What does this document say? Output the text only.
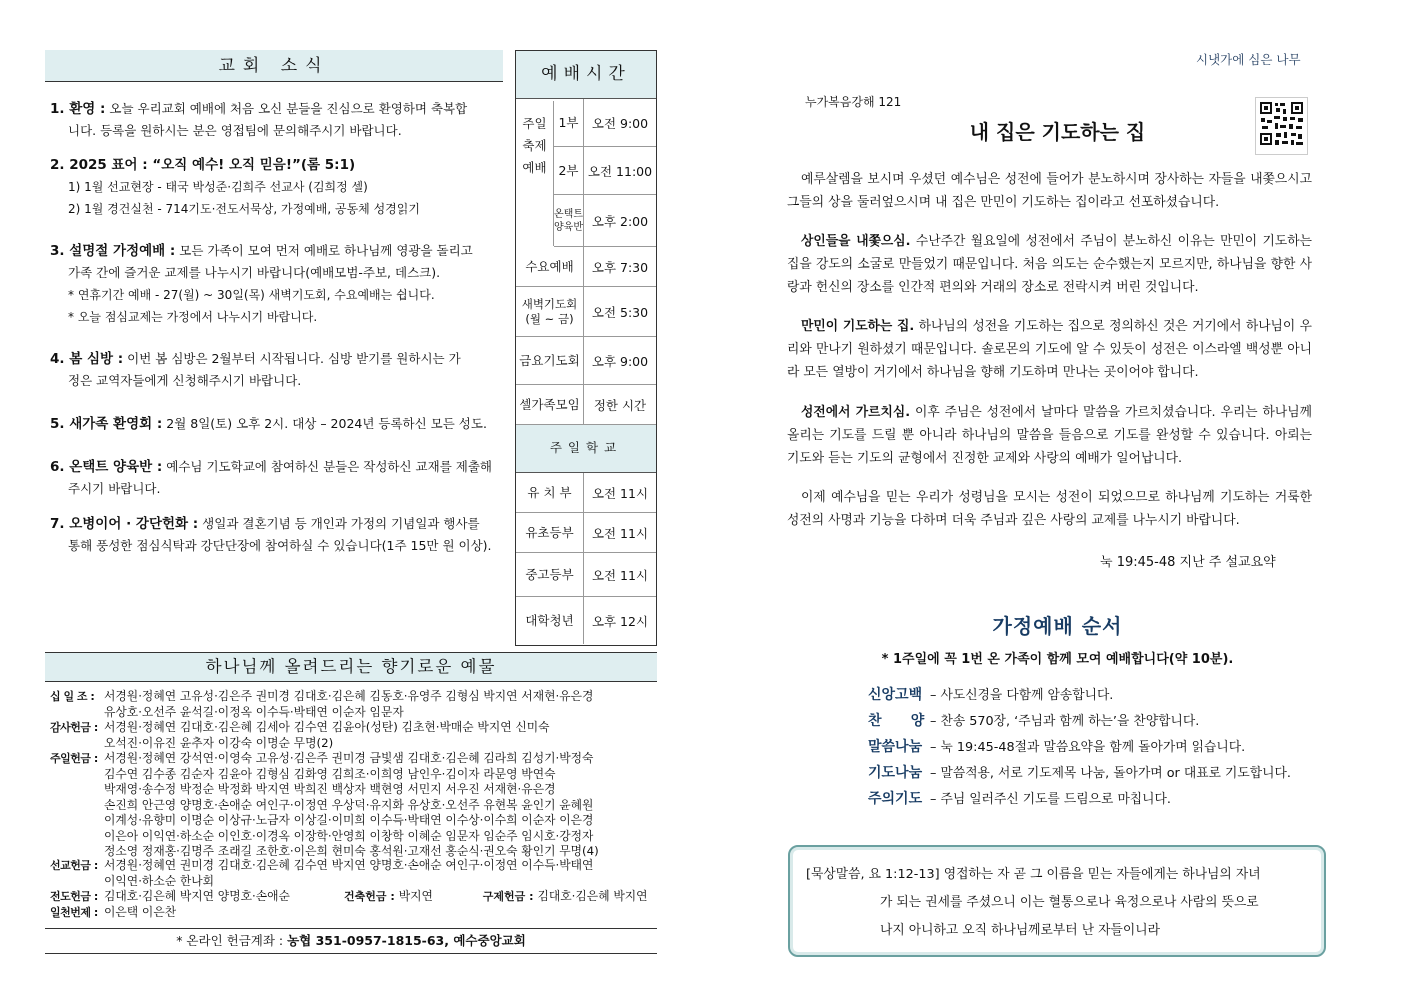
교회 소식
1. 환영 : 오늘 우리교회 예배에 처음 오신 분들을 진심으로 환영하며 축복합
니다. 등록을 원하시는 분은 영접팀에 문의해주시기 바랍니다.
2. 2025 표어 : “오직 예수! 오직 믿음!”(롬 5:1)
1) 1월 선교현장 - 태국 박성준·김희주 선교사 (김희정 셀)
2) 1월 경건실천 - 714기도·전도서묵상, 가정예배, 공동체 성경읽기
3. 설명절 가정예배 : 모든 가족이 모여 먼저 예배로 하나님께 영광을 돌리고
가족 간에 즐거운 교제를 나누시기 바랍니다(예배모범-주보, 데스크).
* 연휴기간 예배 - 27(월) ~ 30일(목) 새벽기도회, 수요예배는 쉽니다.
* 오늘 점심교제는 가정에서 나누시기 바랍니다.
4. 봄 심방 : 이번 봄 심방은 2월부터 시작됩니다. 심방 받기를 원하시는 가
정은 교역자들에게 신청해주시기 바랍니다.
5. 새가족 환영회 : 2월 8일(토) 오후 2시. 대상 – 2024년 등록하신 모든 성도.
6. 온택트 양육반 : 예수님 기도학교에 참여하신 분들은 작성하신 교재를 제출해
주시기 바랍니다.
7. 오병이어 · 강단헌화 : 생일과 결혼기념 등 개인과 가정의 기념일과 행사를
통해 풍성한 점심식탁과 강단단장에 참여하실 수 있습니다(1주 15만 원 이상).
예배시간
주일 축제 예배
1부	오전 9:00
2부 오전 11:00
온택트 양육반 오후 2:00
수요예배	오후 7:30
새벽기도회 (월 ~ 금)	오전 5:30
금요기도회 오후 9:00
셀가족모임	정한 시간
주일학교
유 치 부	오전 11시
유초등부	오전 11시
중고등부	오전 11시
대학청년	오후 12시
하나님께 올려드리는 향기로운 예물
십 일 조 : 서경원·정혜연 고유성·김은주 권미경 김대호·김은혜 김동호·유영주 김형심 박지연 서재현·유은경
유상호·오선주 윤석길·이정옥 이수득·박태연 이순자 임문자
감사헌금 : 서경원·정혜연 김대호·김은혜 김세아 김수연 김윤아(성탄) 김초현·박매순 박지연 신미숙
오석진·이유진 윤추자 이강숙 이명순 무명(2)
주일헌금 : 서경원·정혜연 강석연·이영숙 고유성·김은주 권미경 금빛샘 김대호·김은혜 김라희 김성기·박정숙
김수연 김수종 김순자 김윤아 김형심 김화영 김희조·이희영 남인우·김이자 라문영 박연숙
박재영·송수정 박정순 박정화 박지연 박희진 백상자 백현영 서민지 서우진 서재현·유은경
손진희 안근영 양명호·손애순 여인구·이정연 우상덕·유지화 유상호·오선주 유현복 윤인기 윤혜원
이계성·유향미 이명순 이상규·노금자 이상길·이미희 이수득·박태연 이수상·이수희 이순자 이은경
이은아 이익연·하소순 이인호·이경옥 이장학·안영희 이창학 이혜순 임문자 임순주 임시호·강정자
정소영 정재홍·김명주 조래길 조한호·이은희 현미숙 홍석원·고재선 홍순식·권오숙 황인기 무명(4)
선교헌금 : 서경원·정혜연 권미경 김대호·김은혜 김수연 박지연 양명호·손애순 여인구·이정연 이수득·박태연
이익연·하소순 한나회
전도헌금 : 김대호·김은혜 박지연 양명호·손애순	건축헌금 : 박지연	구제헌금 : 김대호·김은혜 박지연
일천번제 : 이은택 이은찬
* 온라인 헌금계좌 : 농협 351-0957-1815-63, 예수중앙교회
시냇가에 심은 나무
누가복음강해 121
내 집은 기도하는 집
예루살렘을 보시며 우셨던 예수님은 성전에 들어가 분노하시며 장사하는 자들을 내쫓으시고 그들의 상을 둘러엎으시며 내 집은 만민이 기도하는 집이라고 선포하셨습니다.
상인들을 내쫓으심. 수난주간 월요일에 성전에서 주님이 분노하신 이유는 만민이 기도하는 집을 강도의 소굴로 만들었기 때문입니다. 처음 의도는 순수했는지 모르지만, 하나님을 향한 사랑과 헌신의 장소를 인간적 편의와 거래의 장소로 전락시켜 버린 것입니다.
만민이 기도하는 집. 하나님의 성전을 기도하는 집으로 정의하신 것은 거기에서 하나님이 우리와 만나기 원하셨기 때문입니다. 솔로몬의 기도에 알 수 있듯이 성전은 이스라엘 백성뿐 아니라 모든 열방이 거기에서 하나님을 향해 기도하며 만나는 곳이어야 합니다.
성전에서 가르치심. 이후 주님은 성전에서 날마다 말씀을 가르치셨습니다. 우리는 하나님께 올리는 기도를 드릴 뿐 아니라 하나님의 말씀을 들음으로 기도를 완성할 수 있습니다. 아뢰는 기도와 듣는 기도의 균형에서 진정한 교제와 사랑의 예배가 일어납니다.
이제 예수님을 믿는 우리가 성령님을 모시는 성전이 되었으므로 하나님께 기도하는 거룩한 성전의 사명과 기능을 다하며 더욱 주님과 깊은 사랑의 교제를 나누시기 바랍니다.
눅 19:45-48 지난 주 설교요약
가정예배 순서
* 1주일에 꼭 1번 온 가족이 함께 모여 예배합니다(약 10분).
신앙고백 – 사도신경을 다함께 암송합니다.
찬      양 – 찬송 570장, ‘주님과 함께 하는’을 찬양합니다.
말씀나눔 – 눅 19:45-48절과 말씀요약을 함께 돌아가며 읽습니다.
기도나눔 – 말씀적용, 서로 기도제목 나눔, 돌아가며 or 대표로 기도합니다.
주의기도 – 주님 일러주신 기도를 드림으로 마칩니다.
[묵상말씀, 요 1:12-13] 영접하는 자 곧 그 이름을 믿는 자들에게는 하나님의 자녀
가 되는 권세를 주셨으니 이는 혈통으로나 육정으로나 사람의 뜻으로
나지 아니하고 오직 하나님께로부터 난 자들이니라
